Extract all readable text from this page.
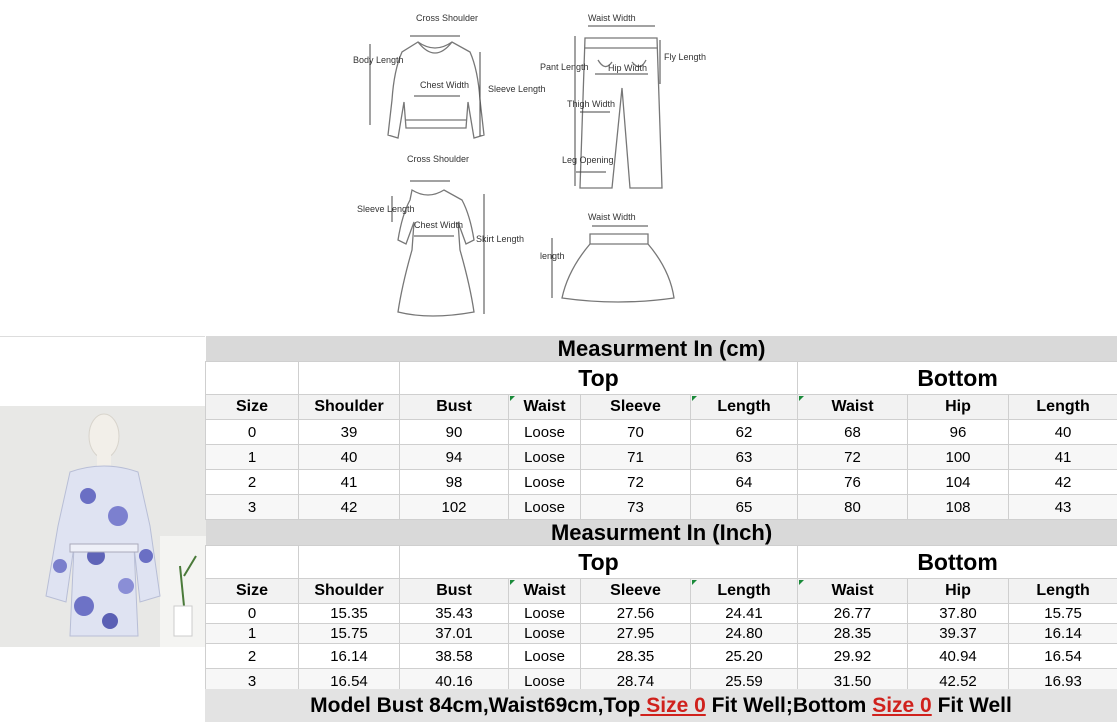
Cross Shoulder
Body Length
Chest Width Sleeve Length
Waist Width
Pant Length Hip Width
Fly Length
Thigh Width
Leg Opening
Cross Shoulder
Sleeve Length
Chest Width
Skirt Length
Waist Width
length
Measurment In (cm)								
		Top				Bottom		
Size	Shoulder	Bust	Waist	Sleeve	Length	Waist	Hip	Length
0	39	90	Loose	70	62	68	96	40
1	40	94	Loose	71	63	72	100	41
2	41	98	Loose	72	64	76	104	42
3	42	102	Loose	73	65	80	108	43
Measurment In (Inch)								
		Top				Bottom		
Size	Shoulder	Bust	Waist	Sleeve	Length	Waist	Hip	Length
0	15.35	35.43	Loose	27.56	24.41	26.77	37.80	15.75
1	15.75	37.01	Loose	27.95	24.80	28.35	39.37	16.14
2	16.14	38.58	Loose	28.35	25.20	29.92	40.94	16.54
3	16.54	40.16	Loose	28.74	25.59	31.50	42.52	16.93
Model Bust 84cm,Waist69cm,Top Size 0 Fit Well;Bottom Size 0 Fit Well
